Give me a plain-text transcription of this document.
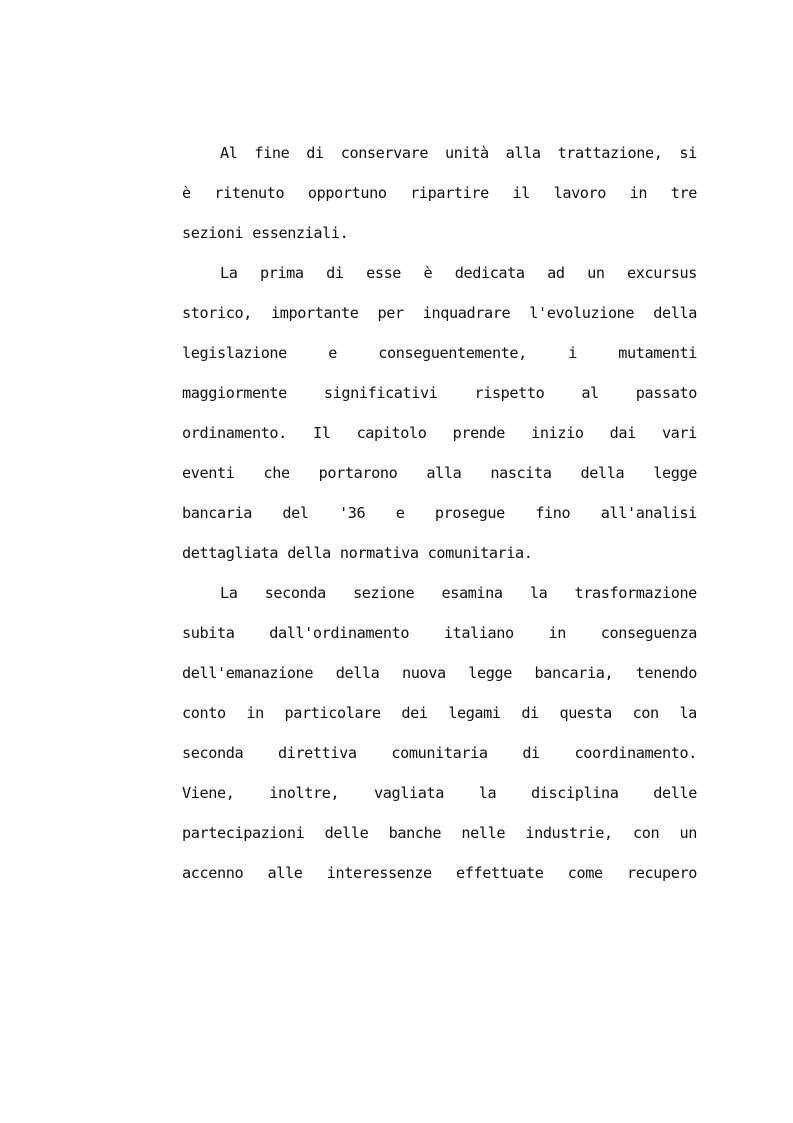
Al fine di conservare unità alla trattazione, si
è ritenuto opportuno ripartire il lavoro in tre
sezioni essenziali.
La prima di esse è dedicata ad un excursus
storico, importante per inquadrare l'evoluzione della
legislazione	e	conseguentemente,	i	mutamenti
maggiormente significativi rispetto al passato
ordinamento. Il capitolo prende inizio dai vari
eventi che portarono alla nascita della legge
bancaria del '36 e prosegue fino all'analisi
dettagliata della normativa comunitaria.
La seconda sezione esamina la trasformazione
subita dall'ordinamento italiano in conseguenza
dell'emanazione della nuova legge bancaria, tenendo
conto in particolare dei legami di questa con la
seconda direttiva comunitaria di coordinamento.
Viene, inoltre, vagliata la disciplina delle
partecipazioni delle banche nelle industrie, con un
accenno alle interessenze effettuate come recupero
